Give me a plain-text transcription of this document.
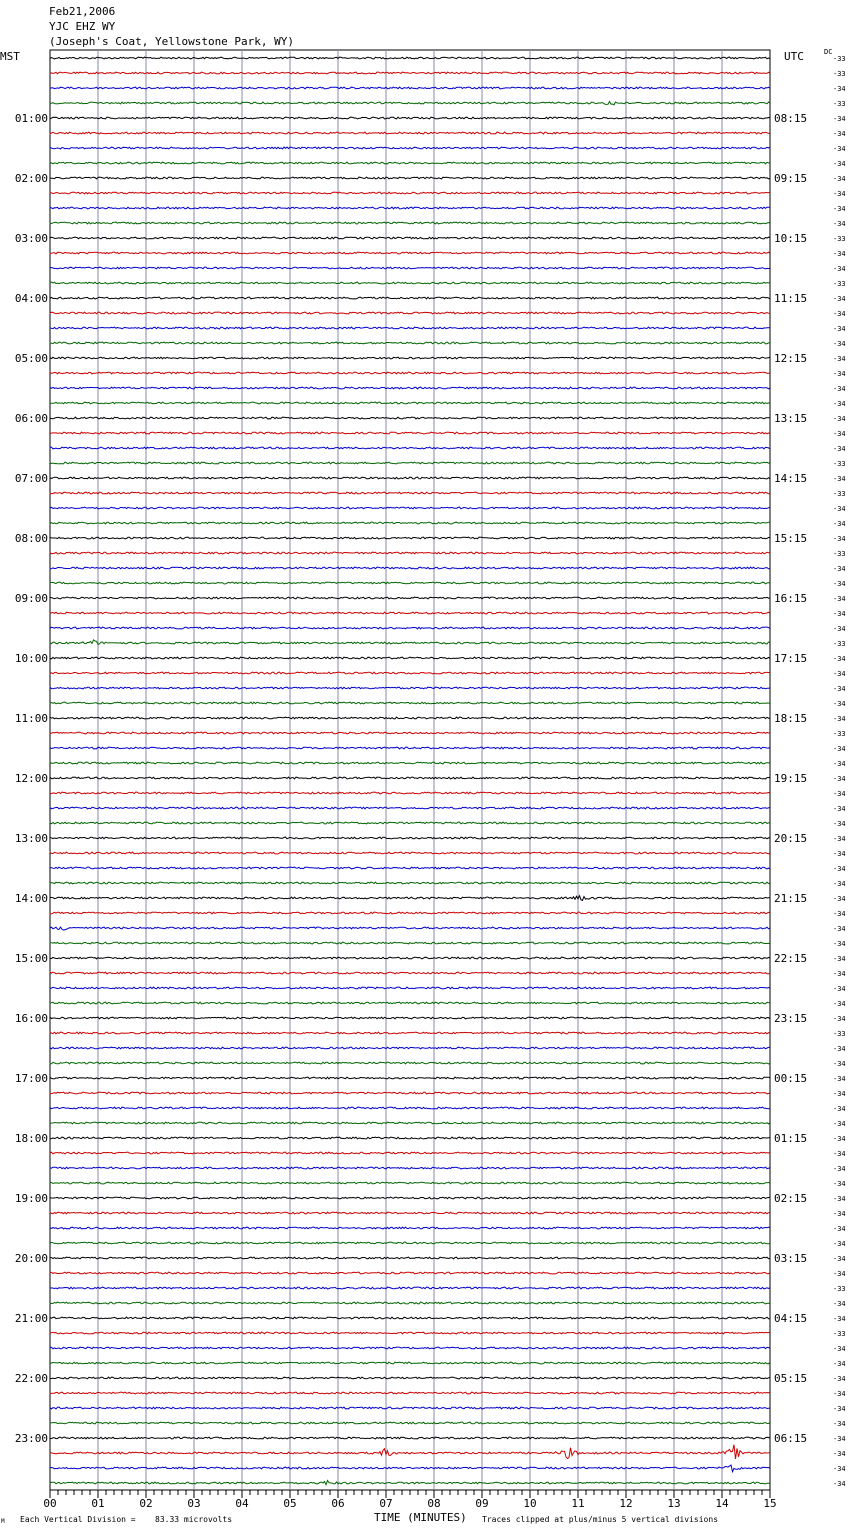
Feb21,2006
YJC EHZ WY
(Joseph's Coat, Yellowstone Park, WY)
MST	UTC	DC
-33
-33
-34
-33
-34
-34
-34
-34
-34
-34
-34
-34
-33
-34
-34
-33
-34
-34
-34
-34
-34
-34
-34
-34
-34
-34
-34
-33
-34
-33
-34
-34
-34
-33
-34
-34
-34
-34
-34
-33
-34
-34
-34
-34
-34
-33
-34
-34
-34
-34
-34
-34
-34
-34
-34
-34
-34
-34
-34
-34
-34
-34
-34
-34
-34
-33
-34
-34
-34
-34
-34
-34
-34
-34
-34
-34
-34
-34
-34
-34
-34
-34
-33
-34
-34
-33
-34
-34
-34
-34
-34
-34
-34
-34
-34
-34
01:00
02:00
03:00
04:00
05:00
06:00
07:00
08:00
09:00
10:00
11:00
12:00
13:00
14:00
15:00
16:00
17:00
18:00
19:00
20:00
21:00
22:00
23:00
08:15
09:15
10:15
11:15
12:15
13:15
14:15
15:15
16:15
17:15
18:15
19:15
20:15
21:15
22:15
23:15
00:15
01:15
02:15
03:15
04:15
05:15
06:15
00	01	02	03	04	05	06	07	08	09	10	11	12	13	14	15
M Each Vertical Division = 83.33 microvolts	TIME (MINUTES) Traces clipped at plus/minus 5 vertical divisions
